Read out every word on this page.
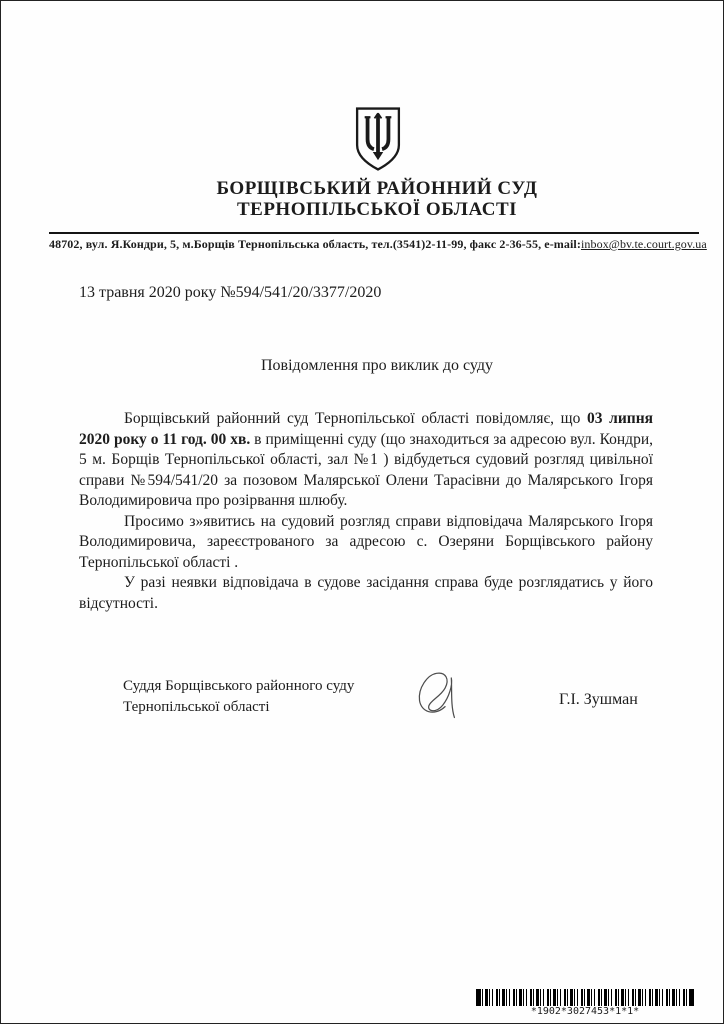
БОРЩІВСЬКИЙ РАЙОННИЙ СУД
ТЕРНОПІЛЬСЬКОЇ ОБЛАСТІ
48702, вул. Я.Кондри, 5, м.Борщів Тернопільська область, тел.(3541)2-11-99, факс 2-36-55, e-mail:inbox@bv.te.court.gov.ua
13 травня 2020 року №594/541/20/3377/2020
Повідомлення про виклик до суду

Борщівський районний суд Тернопільської області повідомляє, що 03 липня 2020 року о 11 год. 00 хв. в приміщенні суду (що знаходиться за адресою вул. Кондри, 5 м. Борщів Тернопільської області, зал №1 ) відбудеться судовий розгляд цивільної справи №594/541/20 за позовом Малярської Олени Тарасівни до Малярського Ігоря Володимировича про розірвання шлюбу.

Просимо з»явитись на судовий розгляд справи відповідача Малярського Ігоря Володимировича, зареєстрованого за адресою с. Озеряни Борщівського району Тернопільської області .

У разі неявки відповідача в судове засідання справа буде розглядатись у його відсутності.

Суддя Борщівського районного суду
Тернопільської області	Г.І. Зушман
*1902*3027453*1*1*
